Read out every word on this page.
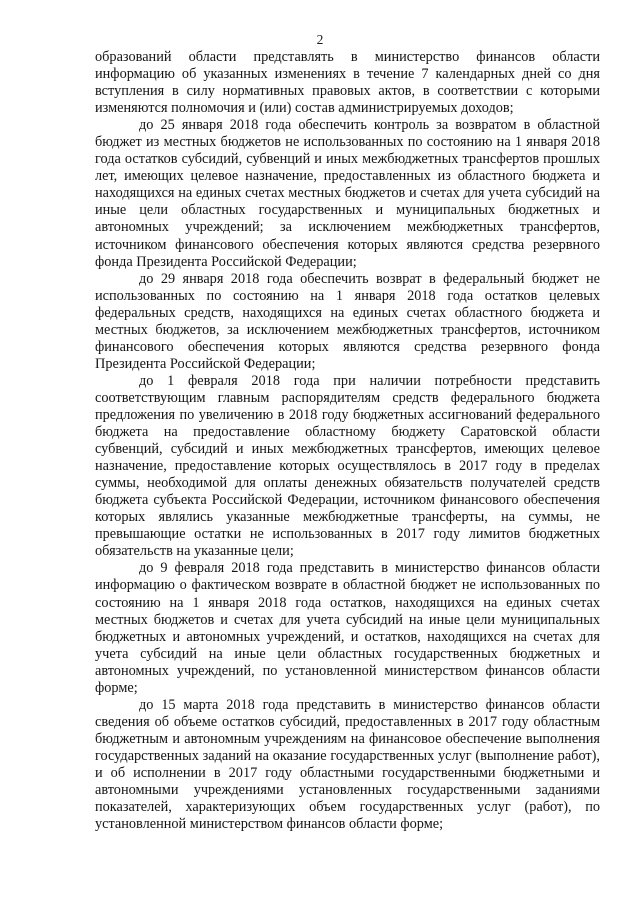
2

образований области представлять в министерство финансов области информацию об указанных изменениях в течение 7 календарных дней со дня вступления в силу нормативных правовых актов, в соответствии с которыми изменяются полномочия и (или) состав администрируемых доходов;

до 25 января 2018 года обеспечить контроль за возвратом в областной бюджет из местных бюджетов не использованных по состоянию на 1 января 2018 года остатков субсидий, субвенций и иных межбюджетных трансфертов прошлых лет, имеющих целевое назначение, предоставленных из областного бюджета и находящихся на единых счетах местных бюджетов и счетах для учета субсидий на иные цели областных государственных и муниципальных бюджетных и автономных учреждений; за исключением межбюджетных трансфертов, источником финансового обеспечения которых являются средства резервного фонда Президента Российской Федерации;

до 29 января 2018 года обеспечить возврат в федеральный бюджет не использованных по состоянию на 1 января 2018 года остатков целевых федеральных средств, находящихся на единых счетах областного бюджета и местных бюджетов, за исключением межбюджетных трансфертов, источником финансового обеспечения которых являются средства резервного фонда Президента Российской Федерации;

до 1 февраля 2018 года при наличии потребности представить соответствующим главным распорядителям средств федерального бюджета предложения по увеличению в 2018 году бюджетных ассигнований федерального бюджета на предоставление областному бюджету Саратовской области субвенций, субсидий и иных межбюджетных трансфертов, имеющих целевое назначение, предоставление которых осуществлялось в 2017 году в пределах суммы, необходимой для оплаты денежных обязательств получателей средств бюджета субъекта Российской Федерации, источником финансового обеспечения которых являлись указанные межбюджетные трансферты, на суммы, не превышающие остатки не использованных в 2017 году лимитов бюджетных обязательств на указанные цели;

до 9 февраля 2018 года представить в министерство финансов области информацию о фактическом возврате в областной бюджет не использованных по состоянию на 1 января 2018 года остатков, находящихся на единых счетах местных бюджетов и счетах для учета субсидий на иные цели муниципальных бюджетных и автономных учреждений, и остатков, находящихся на счетах для учета субсидий на иные цели областных государственных бюджетных и автономных учреждений, по установленной министерством финансов области форме;

до 15 марта 2018 года представить в министерство финансов области сведения об объеме остатков субсидий, предоставленных в 2017 году областным бюджетным и автономным учреждениям на финансовое обеспечение выполнения государственных заданий на оказание государственных услуг (выполнение работ), и об исполнении в 2017 году областными государственными бюджетными и автономными учреждениями установленных государственными заданиями показателей, характеризующих объем государственных услуг (работ), по установленной министерством финансов области форме;
